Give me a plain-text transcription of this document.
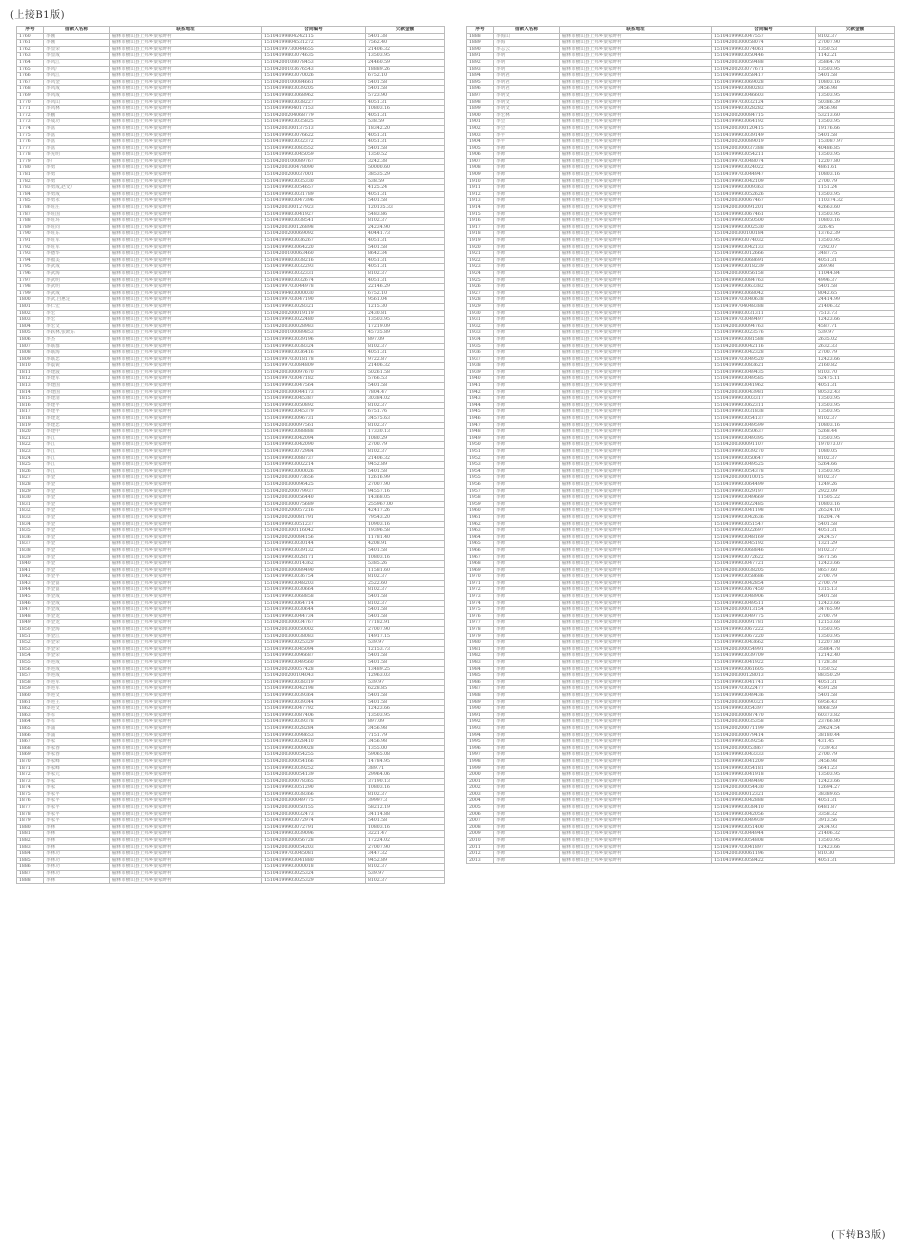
(上接B1版)
序号	借款人名称	联系地址	合同编号	欠款金额
1760	李刚	榆林市横山县上邦乡梁家畔村	15104199804242115	5401.38
1761	李刚	榆林市横山县上邦乡梁家畔村	15104199804531272	7562.40
1762	李显荣	榆林市横山县上邦乡梁家畔村	15104199730044655	21406.32
1763	李显成	榆林市横山县上邦乡梁家畔村	15104199803074635	13503.95
1764	李风江	榆林市横山县上邦乡梁家畔村	15104200108078453	24460.59
1765	李风广	榆林市横山县上邦乡梁家畔村	15104200103676543	18889.26
1766	李风江	榆林市横山县上邦乡梁家畔村	15104199903070026	6752.10
1767	李风金	榆林市横山县上邦乡梁家畔村	15104200100084661	5401.58
1768	李风成	榆林市横山县上邦乡梁家畔村	15104199803039205	5401.58
1769	李风成	榆林市横山县上邦乡梁家畔村	15104199803068962	5723.90
1770	李风山	榆林市横山县上邦乡梁家畔村	15104199803038227	4051.31
1771	李风林	榆林市横山县上邦乡梁家畔村	15104199904017153	10803.16
1772	李鹏	榆林市横山县上邦乡梁家畔村	15104200204068779	4051.31
1773	李成功	榆林市横山县上邦乡梁家畔村	15104199903035825	538.59
1774	李富	榆林市横山县上邦乡梁家畔村	15104200300137513	18342.20
1775	李富	榆林市横山县上邦乡梁家畔村	15104199903076622	4051.31
1776	李富	榆林市横山县上邦乡梁家畔村	15104199803032372	4051.31
1777	李富	榆林市横山县上邦乡梁家畔村	15104199903083552	5401.58
1778	李先明	榆林市横山县上邦乡梁家畔村	15104199903045059	1350.52
1779	李广	榆林市横山县上邦乡梁家畔村	15104200100089767	3242.38
1780	李勇	榆林市横山县上邦乡梁家畔村	15104200300478090	50000.60
1781	李勇	榆林市横山县上邦乡梁家畔村	15104200200037001	38535.29
1782	李勇	榆林市横山县上邦乡梁家畔村	15104199903035330	538.59
1783	李勇成,赵文广	榆林市横山县上邦乡梁家畔村	15104199903054657	4125.24
1784	李勇成	榆林市横山县上邦乡梁家畔村	15104199903031789	4051.31
1785	李勇永	榆林市横山县上邦乡梁家畔村	15104199803047396	5401.58
1786	李旺庄	榆林市横山县上邦乡梁家畔村	15104200300127923	120135.33
1787	李旺国	榆林市横山县上邦乡梁家畔村	15104199803041927	5483.86
1788	李旺环	榆林市横山县上邦乡梁家畔村	15104199803038541	8102.37
1789	李旺同	榆林市横山县上邦乡梁家畔村	15104200300126898	24234.90
1790	李旺东	榆林市横山县上邦乡梁家畔村	15104200200069092	40441.73
1791	李旺军	榆林市横山县上邦乡梁家畔村	15104199903036267	4051.31
1792	李旺军	榆林市横山县上邦乡梁家畔村	15104199903064220	5401.58
1793	李德华	榆林市横山县上邦乡梁家畔村	15104200100063460	8642.34
1794	李福美	榆林市横山县上邦乡梁家畔村	15104199803038216	4051.31
1795	李武成	榆林市横山县上邦乡梁家畔村	15104199903032293	4051.31
1796	李武海	榆林市横山县上邦乡梁家畔村	15104199903032331	8102.37
1797	李武明	榆林市横山县上邦乡梁家畔村	15104199803032674	4051.31
1798	李武明	榆林市横山县上邦乡梁家畔村	15104199703044978	22146.29
1799	李武成	榆林市横山县上邦乡梁家畔村	15104199403000030	6752.10
1800	李武,白惠定	榆林市横山县上邦乡梁家畔村	15104199703047190	9561.04
1801	李仁宏	榆林市横山县上邦乡梁家畔村	15104199903028321	1215.30
1802	李宏	榆林市横山县上邦乡梁家畔村	15104200200019119	2430.81
1803	李宏	榆林市横山县上邦乡梁家畔村	15104199903022480	13503.95
1804	李宏文	榆林市横山县上邦乡梁家畔村	15104200300028983	17219.09
1805	李跃林,张欧东	榆林市横山县上邦乡梁家畔村	15104200100089853	45735.89
1806	李杰	榆林市横山县上邦乡梁家畔村	15104199903039196	897.09
1807	李联群	榆林市横山县上邦乡梁家畔村	15104199903038324	8102.37
1808	李联海	榆林市横山县上邦乡梁家畔村	15104199803036416	4051.31
1809	李联忠	榆林市横山县上邦乡梁家畔村	15104199703018178	9722.87
1810	李震锐	榆林市横山县上邦乡梁家畔村	15104199703084809	21406.32
1811	李建波	榆林市横山县上邦乡梁家畔村	15104200300097670	50261.58
1812	李建军	榆林市横山县上邦乡梁家畔村	15104199703047182	5766.53
1813	李建国	榆林市横山县上邦乡梁家畔村	15104199903047564	5401.58
1814	李建国	榆林市横山县上邦乡梁家畔村	15104200300044173	7804.47
1815	李建清	榆林市横山县上邦乡梁家畔村	15104199903045387	30384.02
1816	李建平	榆林市横山县上邦乡梁家畔村	15104199903050892	8102.37
1817	李建平	榆林市横山县上邦乡梁家畔村	15104199903045379	6751.76
1818	李建龙	榆林市横山县上邦乡梁家畔村	15104199903096731	34575.63
1819	李建忠	榆林市横山县上邦乡梁家畔村	15104200300097561	8102.37
1820	李建中	榆林市横山县上邦乡梁家畔村	15104199903088888	17330.13
1821	李江	榆林市横山县上邦乡梁家畔村	15104199903042094	1080.29
1822	李江	榆林市横山县上邦乡梁家畔村	15104199903042090	2700.79
1823	李江	榆林市横山县上邦乡梁家畔村	15104199903072984	8102.37
1824	李江	榆林市横山县上邦乡梁家畔村	15104199903088737	21406.32
1825	李江	榆林市横山县上邦乡梁家畔村	15104199903002214	9452.89
1826	李江	榆林市横山县上邦乡梁家畔村	15104199903000026	5401.58
1827	李金	榆林市横山县上邦乡梁家畔村	15104200300073656	12616.99
1828	李金	榆林市横山县上邦乡梁家畔村	15104200300096425	27007.90
1829	李金	榆林市横山县上邦乡梁家畔村	15104200200079937	94557.16
1830	李金	榆林市横山县上邦乡梁家畔村	15104200300056440	14368.05
1831	李金	榆林市横山县上邦乡梁家畔村	15104200300075689	255967.00
1832	李金	榆林市横山县上邦乡梁家畔村	15104200200057216	42417.26
1833	李金	榆林市横山县上邦乡梁家畔村	15104200200081791	79543.20
1834	李金	榆林市横山县上邦乡梁家畔村	15104199903051237	10903.16
1835	李金	榆林市横山县上邦乡梁家畔村	15104200300116042	19396.58
1836	李金	榆林市横山县上邦乡梁家畔村	15104200200084156	11781.40
1837	李金	榆林市横山县上邦乡梁家畔村	15104199903030144	4208.91
1838	李金	榆林市横山县上邦乡梁家畔村	15104199903039132	5401.58
1839	李金	榆林市横山县上邦乡梁家畔村	15104199903028171	10803.16
1840	李金	榆林市横山县上邦乡梁家畔村	15104199903014362	5385.26
1841	李金	榆林市横山县上邦乡梁家畔村	15104200300089490	11581.60
1842	李金平	榆林市横山县上邦乡梁家畔村	15104199903036754	8102.37
1843	李金富	榆林市横山县上邦乡梁家畔村	15104199903048203	2522.60
1844	李金富	榆林市横山县上邦乡梁家畔村	15104199903030664	8102.37
1845	李金成	榆林市横山县上邦乡梁家畔村	15104199903068858	5401.58
1846	李金成	榆林市横山县上邦乡梁家畔村	15104199903064714	8102.37
1847	李金成	榆林市横山县上邦乡梁家畔村	15104199903030644	5401.58
1848	李金龙	榆林市横山县上邦乡梁家畔村	15104199903044734	5401.58
1849	李金龙	榆林市横山县上邦乡梁家畔村	15104200300034767	77182.91
1850	李金海	榆林市横山县上邦乡梁家畔村	15104200300050002	27007.90
1851	李金江	榆林市横山县上邦乡梁家畔村	15104200300038083	14917.15
1852	李金荣	榆林市横山县上邦乡梁家畔村	15104199903025329	539.97
1853	李金荣	榆林市横山县上邦乡梁家畔村	15104199903045094	12153.73
1854	李金荣	榆林市横山县上邦乡梁家畔村	15104199903096687	5401.58
1855	李进成	榆林市横山县上邦乡梁家畔村	15104199903049560	5401.58
1856	李进成	榆林市横山县上邦乡梁家畔村	15104200200057428	13489.25
1857	李进成	榆林市横山县上邦乡梁家畔村	15104200200104043	12963.03
1858	李进军	榆林市横山县上邦乡梁家畔村	15104199903038319	539.97
1859	李进军	榆林市横山县上邦乡梁家畔村	15104199903042198	6228.85
1860	李进文	榆林市横山县上邦乡梁家畔村	15104199903039364	5401.58
1861	李进王	榆林市横山县上邦乡梁家畔村	15104199903039344	5401.58
1862	李进文	榆林市横山县上邦乡梁家畔村	15104199903047792	12423.66
1863	李军	榆林市横山县上邦乡梁家畔村	15104199903087406	13503.95
1864	李军	榆林市横山县上邦乡梁家畔村	15104199903039378	897.09
1865	李浦	榆林市横山县上邦乡梁家畔村	15104199903028284	3456.98
1866	李浦	榆林市横山县上邦乡梁家畔村	15104199903098653	7151.79
1867	李家	榆林市横山县上邦乡梁家畔村	15104199903028410	3456.98
1868	李家春	榆林市横山县上邦乡梁家畔村	15104199903009028	1355.00
1869	李家春	榆林市横山县上邦乡梁家畔村	15104200300054255	59065.08
1870	李家峰	榆林市横山县上邦乡梁家畔村	15104200300054166	14784.95
1871	李家峰	榆林市横山县上邦乡梁家畔村	15104199903039252	389.71
1872	李家元	榆林市横山县上邦乡梁家畔村	15104200300054139	29964.06
1873	李家	榆林市横山县上邦乡梁家畔村	15104200300078365	37190.13
1874	李家	榆林市横山县上邦乡梁家畔村	15104199903051290	10803.16
1875	李家平	榆林市横山县上邦乡梁家畔村	15104199903038366	8102.37
1876	李家平	榆林市横山县上邦乡梁家畔村	15104200300049775	39997.3
1877	李家平	榆林市横山县上邦乡梁家畔村	15104200300050155	58212.19
1878	李家平	榆林市横山县上邦乡梁家畔村	15104200300032473	34114.88
1879	李家平	榆林市横山县上邦乡梁家畔村	15104199903072974	5401.58
1880	李林	榆林市横山县上邦乡梁家畔村	15104199903072791	10803.16
1881	李林	榆林市横山县上邦乡梁家畔村	15104199903039096	3221.47
1882	李林	榆林市横山县上邦乡梁家畔村	15104200300056728	17224.02
1883	李林	榆林市横山县上邦乡梁家畔村	15104200300054203	27007.90
1884	李林功	榆林市横山县上邦乡梁家畔村	15104199703045081	3447.32
1885	李林功	榆林市横山县上邦乡梁家畔村	15104199903041880	9452.89
1886	李林功	榆林市横山县上邦乡梁家畔村	15104199903000018	8102.37
1887	李林功	榆林市横山县上邦乡梁家畔村	15104199903025324	539.97
1888	李林	榆林市横山县上邦乡梁家畔村	15104199903025329	8102.37
序号	借款人名称	联系地址	合同编号	欠款金额
1888	李海山	榆林市横山县上邦乡梁家畔村	15104199903047557	8102.37
1889	李海	榆林市横山县上邦乡梁家畔村	15104200300058074	27007.90
1890	李志云	榆林市横山县上邦乡梁家畔村	15104199903074061	1350.53
1891	李明	榆林市横山县上邦乡梁家畔村	15104199803050446	1142.21
1892	李明	榆林市横山县上邦乡梁家畔村	15104200300059488	35864.78
1893	李明	榆林市横山县上邦乡梁家畔村	15104200203077671	13503.95
1894	李明君	榆林市横山县上邦乡梁家畔村	15104199903058417	5401.58
1895	李明君	榆林市横山县上邦乡梁家畔村	15104199903069028	10803.16
1896	李明君	榆林市横山县上邦乡梁家畔村	15104199403080283	3456.98
1897	李明文	榆林市横山县上邦乡梁家畔村	15104199903046603	13503.95
1898	李明文	榆林市横山县上邦乡梁家畔村	15104199703032124	50386.39
1899	李明文	榆林市横山县上邦乡梁家畔村	15104199403028282	3456.98
1900	李宏林	榆林市横山县上邦乡梁家畔村	15104200200084715	53213.60
1901	李会	榆林市横山县上邦乡梁家畔村	15104199903064192	13503.95
1902	李会	榆林市横山县上邦乡梁家畔村	15104200300120415	19176.66
1903	李平	榆林市横山县上邦乡梁家畔村	15104199903039149	5401.58
1904	李平	榆林市横山县上邦乡梁家畔村	15104200200089019	153087.97
1905	李帅	榆林市横山县上邦乡梁家畔村	15104200300037388	40486.85
1906	李帅	榆林市横山县上邦乡梁家畔村	15104199903054211	13503.95
1907	李帅	榆林市横山县上邦乡梁家畔村	15104199703048074	12207.80
1908	李帅	榆林市横山县上邦乡梁家畔村	15104199903024022	4861.61
1909	李帅	榆林市横山县上邦乡梁家畔村	15104199703044947	10803.16
1910	李帅	榆林市横山县上邦乡梁家畔村	15104199903042109	2700.79
1911	李帅	榆林市横山县上邦乡梁家畔村	15104199903009363	1151.24
1912	李帅	榆林市横山县上邦乡梁家畔村	15104199903052626	13503.95
1913	李帅	榆林市横山县上邦乡梁家畔村	15104200300067467	110374.32
1914	李帅	榆林市横山县上邦乡梁家畔村	15104200300091201	42663.60
1915	李帅	榆林市横山县上邦乡梁家畔村	15104199903067461	13503.95
1916	李帅	榆林市横山县上邦乡梁家畔村	15104199903050500	10803.16
1917	李帅	榆林市横山县上邦乡梁家畔村	15104199903002530	326.45
1918	李帅	榆林市横山县上邦乡梁家畔村	15104200300100184	13762.39
1919	李帅	榆林市横山县上邦乡梁家畔村	15104199903074032	13503.95
1920	李帅	榆林市横山县上邦乡梁家畔村	15104199903042133	7292.07
1921	李帅	榆林市横山县上邦乡梁家畔村	15104199903012666	3487.75
1922	李帅	榆林市横山县上邦乡梁家畔村	15104199903068691	4051.31
1923	李帅	榆林市横山县上邦乡梁家畔村	15104199903018239	269.98
1924	李帅	榆林市横山县上邦乡梁家畔村	15104200300056158	11044.84
1925	李帅	榆林市横山县上邦乡梁家畔村	15104199903084763	4996.37
1926	李帅	榆林市横山县上邦乡梁家畔村	15104199903063382	5401.58
1927	李帅	榆林市横山县上邦乡梁家畔村	15104199903068042	8042.65
1928	李帅	榆林市横山县上邦乡梁家畔村	15104199703040638	24414.99
1929	李帅	榆林市横山县上邦乡梁家畔村	15104199704048388	21406.32
1930	李帅	榆林市横山县上邦乡梁家畔村	15104199803031311	7513.73
1931	李帅	榆林市横山县上邦乡梁家畔村	15104199703049497	12423.66
1932	李帅	榆林市横山县上邦乡梁家畔村	15104200300094763	4587.71
1933	李帅	榆林市横山县上邦乡梁家畔村	15104199903023576	539.97
1934	李帅	榆林市横山县上邦乡梁家畔村	15104199903081588	2635.02
1935	李帅	榆林市横山县上邦乡梁家畔村	15104200300042116	2632.33
1936	李帅	榆林市横山县上邦乡梁家畔村	15104199903042328	2700.79
1937	李帅	榆林市横山县上邦乡梁家畔村	15104199703049520	12423.66
1938	李帅	榆林市横山县上邦乡梁家畔村	15104199903083621	2160.82
1939	李帅	榆林市横山县上邦乡梁家畔村	15104199903049435	8103.70
1940	李帅	榆林市横山县上邦乡梁家畔村	15104199903049585	52475.11
1941	李帅	榆林市横山县上邦乡梁家畔村	15104199903041962	4051.31
1942	李帅	榆林市横山县上邦乡梁家畔村	15104200300043981	80532.43
1943	李帅	榆林市横山县上邦乡梁家畔村	15104199903003317	13503.95
1944	李帅	榆林市横山县上邦乡梁家畔村	15104199903062311	13503.95
1945	李帅	榆林市横山县上邦乡梁家畔村	15104199903031838	13503.95
1946	李帅	榆林市横山县上邦乡梁家畔村	15104199903054137	8102.37
1947	李帅	榆林市横山县上邦乡梁家畔村	15104199903049599	10803.16
1948	李帅	榆林市横山县上邦乡梁家畔村	15104199903050637	5268.44
1949	李帅	榆林市横山县上邦乡梁家畔村	15104199903049395	13503.95
1950	李帅	榆林市横山县上邦乡梁家畔村	15104200300091107	197073.07
1951	李帅	榆林市横山县上邦乡梁家畔村	15104199903039270	1080.05
1952	李帅	榆林市横山县上邦乡梁家畔村	15104199903050647	8102.37
1953	李帅	榆林市横山县上邦乡梁家畔村	15104199903049525	5264.66
1954	李帅	榆林市横山县上邦乡梁家畔村	15104199903054378	13503.95
1955	李帅	榆林市横山县上邦乡梁家畔村	15104200300010015	8102.37
1956	李帅	榆林市横山县上邦乡梁家畔村	15104199903064499	1249.26
1957	李帅	榆林市横山县上邦乡梁家畔村	15104199903029197	2922.09
1958	李帅	榆林市横山县上邦乡梁家畔村	15104199903049669	11505.22
1959	李帅	榆林市横山县上邦乡梁家畔村	15104199903022485	10803.16
1960	李帅	榆林市横山县上邦乡梁家畔村	15104199903041198	26524.10
1961	李帅	榆林市横山县上邦乡梁家畔村	15104199903042636	16204.74
1962	李帅	榆林市横山县上邦乡梁家畔村	15104199903051547	5401.58
1963	李帅	榆林市横山县上邦乡梁家畔村	15104199903022697	4051.31
1964	李帅	榆林市横山县上邦乡梁家畔村	15104199903048169	2424.57
1965	李帅	榆林市横山县上邦乡梁家畔村	15104199903045192	1321.29
1966	李帅	榆林市横山县上邦乡梁家畔村	15104199903068846	8102.37
1967	李帅	榆林市横山县上邦乡梁家畔村	15104199903072622	5671.56
1968	李帅	榆林市横山县上邦乡梁家畔村	15104199903047721	12423.66
1969	李帅	榆林市横山县上邦乡梁家畔村	15104200300038205	8657.60
1970	李帅	榆林市横山县上邦乡梁家畔村	15104199903058686	2700.79
1971	李帅	榆林市横山县上邦乡梁家畔村	15104199903042854	2700.79
1972	李帅	榆林市横山县上邦乡梁家畔村	15104199903067450	1315.13
1973	李帅	榆林市横山县上邦乡梁家畔村	15104199903048906	5401.58
1974	李帅	榆林市横山县上邦乡梁家畔村	15104199903049511	12423.66
1975	李帅	榆林市横山县上邦乡梁家畔村	15104200300013154	34765.99
1976	李帅	榆林市横山县上邦乡梁家畔村	15104199903049775	2700.79
1977	李帅	榆林市横山县上邦乡梁家畔村	15104200300091781	12153.68
1978	李帅	榆林市横山县上邦乡梁家畔村	15104199903067222	13503.95
1979	李帅	榆林市横山县上邦乡梁家畔村	15104199903067220	13503.95
1980	李帅	榆林市横山县上邦乡梁家畔村	15104199903043662	12207.80
1981	李帅	榆林市横山县上邦乡梁家畔村	15104200300054991	35864.78
1982	李帅	榆林市横山县上邦乡梁家畔村	15104199903039709	12142.40
1983	李帅	榆林市横山县上邦乡梁家畔村	15104199903041922	1728.38
1984	李帅	榆林市横山县上邦乡梁家畔村	15104199903061605	1350.52
1985	李帅	榆林市横山县上邦乡梁家畔村	15104200300128013	88350.29
1986	李帅	榆林市横山县上邦乡梁家畔村	15104199903041741	4051.31
1987	李帅	榆林市横山县上邦乡梁家畔村	15104199703022477	4591.28
1988	李帅	榆林市横山县上邦乡梁家畔村	15104199903049436	5401.58
1989	李帅	榆林市横山县上邦乡梁家畔村	15104200300090321	6956.43
1990	李帅	榆林市横山县上邦乡梁家畔村	15104199903054397	8068.59
1991	李帅	榆林市横山县上邦乡梁家畔村	15104200300087470	60373.82
1992	李帅	榆林市横山县上邦乡梁家畔村	15104200300035358	23766.80
1993	李帅	榆林市横山县上邦乡梁家畔村	15104200200071199	29624.54
1994	李帅	榆林市横山县上邦乡梁家畔村	15104200300079414	38180.44
1995	李帅	榆林市横山县上邦乡梁家畔村	15104199903039256	431.45
1996	李帅	榆林市横山县上邦乡梁家畔村	15104200300053867	7339.43
1997	李帅	榆林市横山县上邦乡梁家畔村	15104199903043333	2700.79
1998	李帅	榆林市横山县上邦乡梁家畔村	15104199903041209	3456.98
1999	李帅	榆林市横山县上邦乡梁家畔村	15104199903054181	5641.23
2000	李帅	榆林市横山县上邦乡梁家畔村	15104199903041918	13503.95
2001	李帅	榆林市横山县上邦乡梁家畔村	15104199703049490	12423.66
2002	李帅	榆林市横山县上邦乡梁家畔村	15104200300054430	12694.27
2003	李帅	榆林市横山县上邦乡梁家畔村	15104200300012321	38389.65
2004	李帅	榆林市横山县上邦乡梁家畔村	15104199903042888	4051.31
2005	李帅	榆林市横山县上邦乡梁家畔村	15104199903038410	6481.87
2006	李帅	榆林市横山县上邦乡梁家畔村	15104199903042056	3358.32
2007	李帅	榆林市横山县上邦乡梁家畔村	15104199903049939	3913.56
2008	李帅	榆林市横山县上邦乡梁家畔村	15104199903051400	2434.93
2009	李帅	榆林市横山县上邦乡梁家畔村	15104199703044944	21406.32
2010	李帅	榆林市横山县上邦乡梁家畔村	15104199903054808	13503.95
2011	李帅	榆林市横山县上邦乡梁家畔村	15104199703041897	12423.66
2012	李帅	榆林市横山县上邦乡梁家畔村	15104200300061196	810.30
2013	李帅	榆林市横山县上邦乡梁家畔村	15104199903058422	4051.31
(下转B3版)
